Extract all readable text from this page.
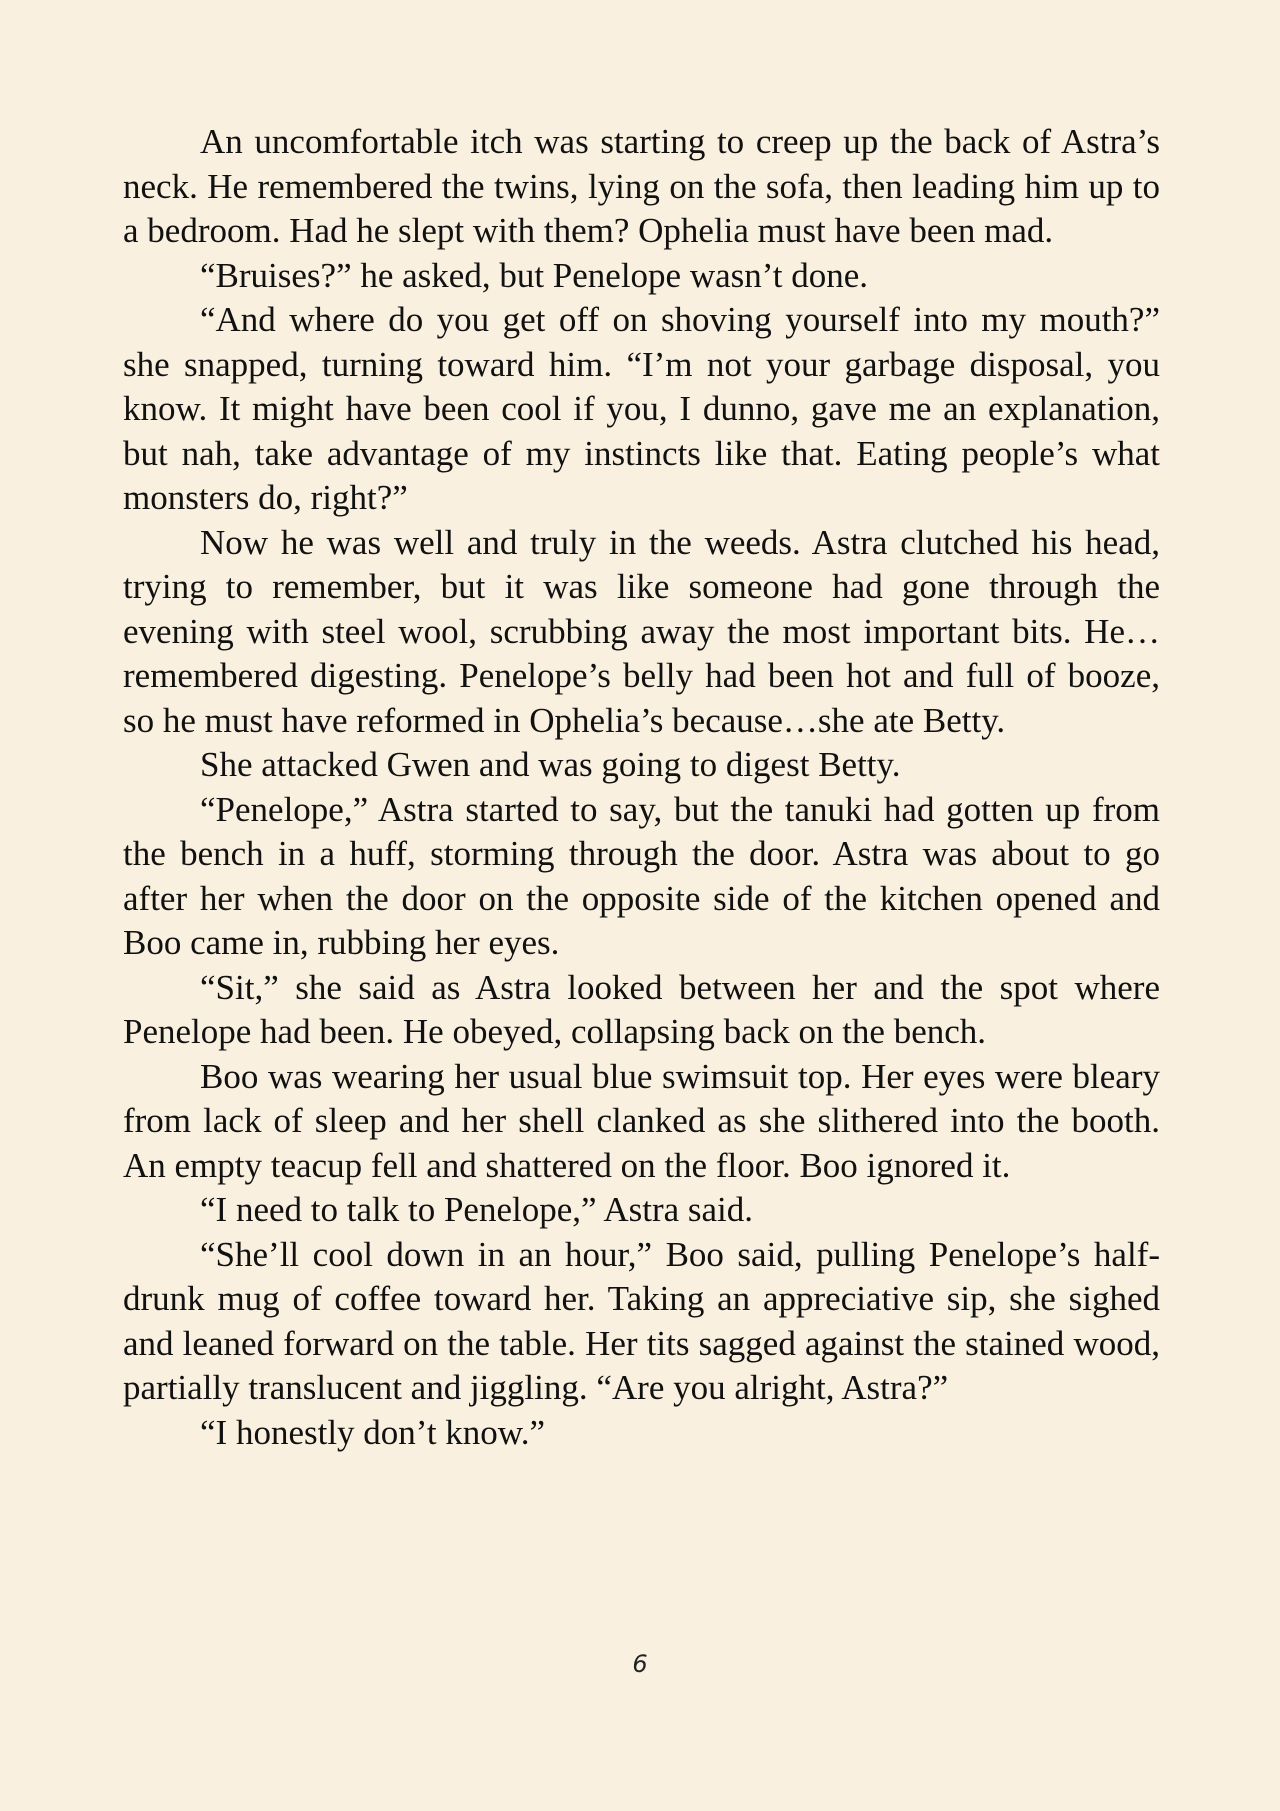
An uncomfortable itch was starting to creep up the back of Astra’s neck. He remembered the twins, lying on the sofa, then leading him up to a bedroom. Had he slept with them? Ophelia must have been mad.

“Bruises?” he asked, but Penelope wasn’t done.

“And where do you get off on shoving yourself into my mouth?” she snapped, turning toward him. “I’m not your garbage disposal, you know. It might have been cool if you, I dunno, gave me an explanation, but nah, take advantage of my instincts like that. Eating people’s what monsters do, right?”

Now he was well and truly in the weeds. Astra clutched his head, trying to remember, but it was like someone had gone through the evening with steel wool, scrubbing away the most important bits. He…remembered digesting. Penelope’s belly had been hot and full of booze, so he must have reformed in Ophelia’s because…she ate Betty.

She attacked Gwen and was going to digest Betty.

“Penelope,” Astra started to say, but the tanuki had gotten up from the bench in a huff, storming through the door. Astra was about to go after her when the door on the opposite side of the kitchen opened and Boo came in, rubbing her eyes.

“Sit,” she said as Astra looked between her and the spot where Penelope had been. He obeyed, collapsing back on the bench.

Boo was wearing her usual blue swimsuit top. Her eyes were bleary from lack of sleep and her shell clanked as she slithered into the booth. An empty teacup fell and shattered on the floor. Boo ignored it.

“I need to talk to Penelope,” Astra said.

“She’ll cool down in an hour,” Boo said, pulling Penelope’s half-drunk mug of coffee toward her. Taking an appreciative sip, she sighed and leaned forward on the table. Her tits sagged against the stained wood, partially translucent and jiggling. “Are you alright, Astra?”

“I honestly don’t know.”

6
